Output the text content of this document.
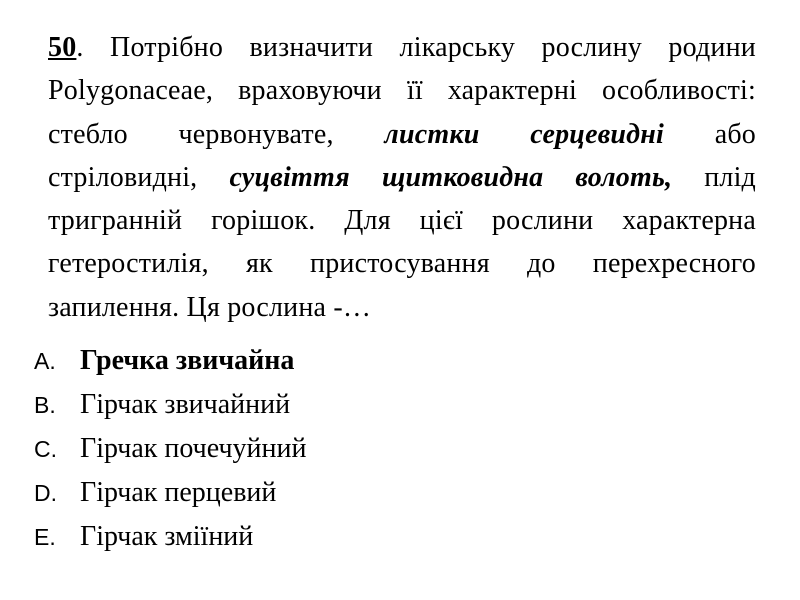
50. Потрібно визначити лікарську рослину родини
Polygonaceae, враховуючи її характерні особливості:
стебло червонувате, листки серцевидні або
стріловидні, суцвіття щитковидна волоть, плід
тригранній горішок. Для цієї рослини характерна
гетеростилія, як пристосування до перехресного
запилення. Ця рослина -…
A. Гречка звичайна
B. Гірчак звичайний
C. Гірчак почечуйний
D. Гірчак перцевий
E. Гірчак зміїний
